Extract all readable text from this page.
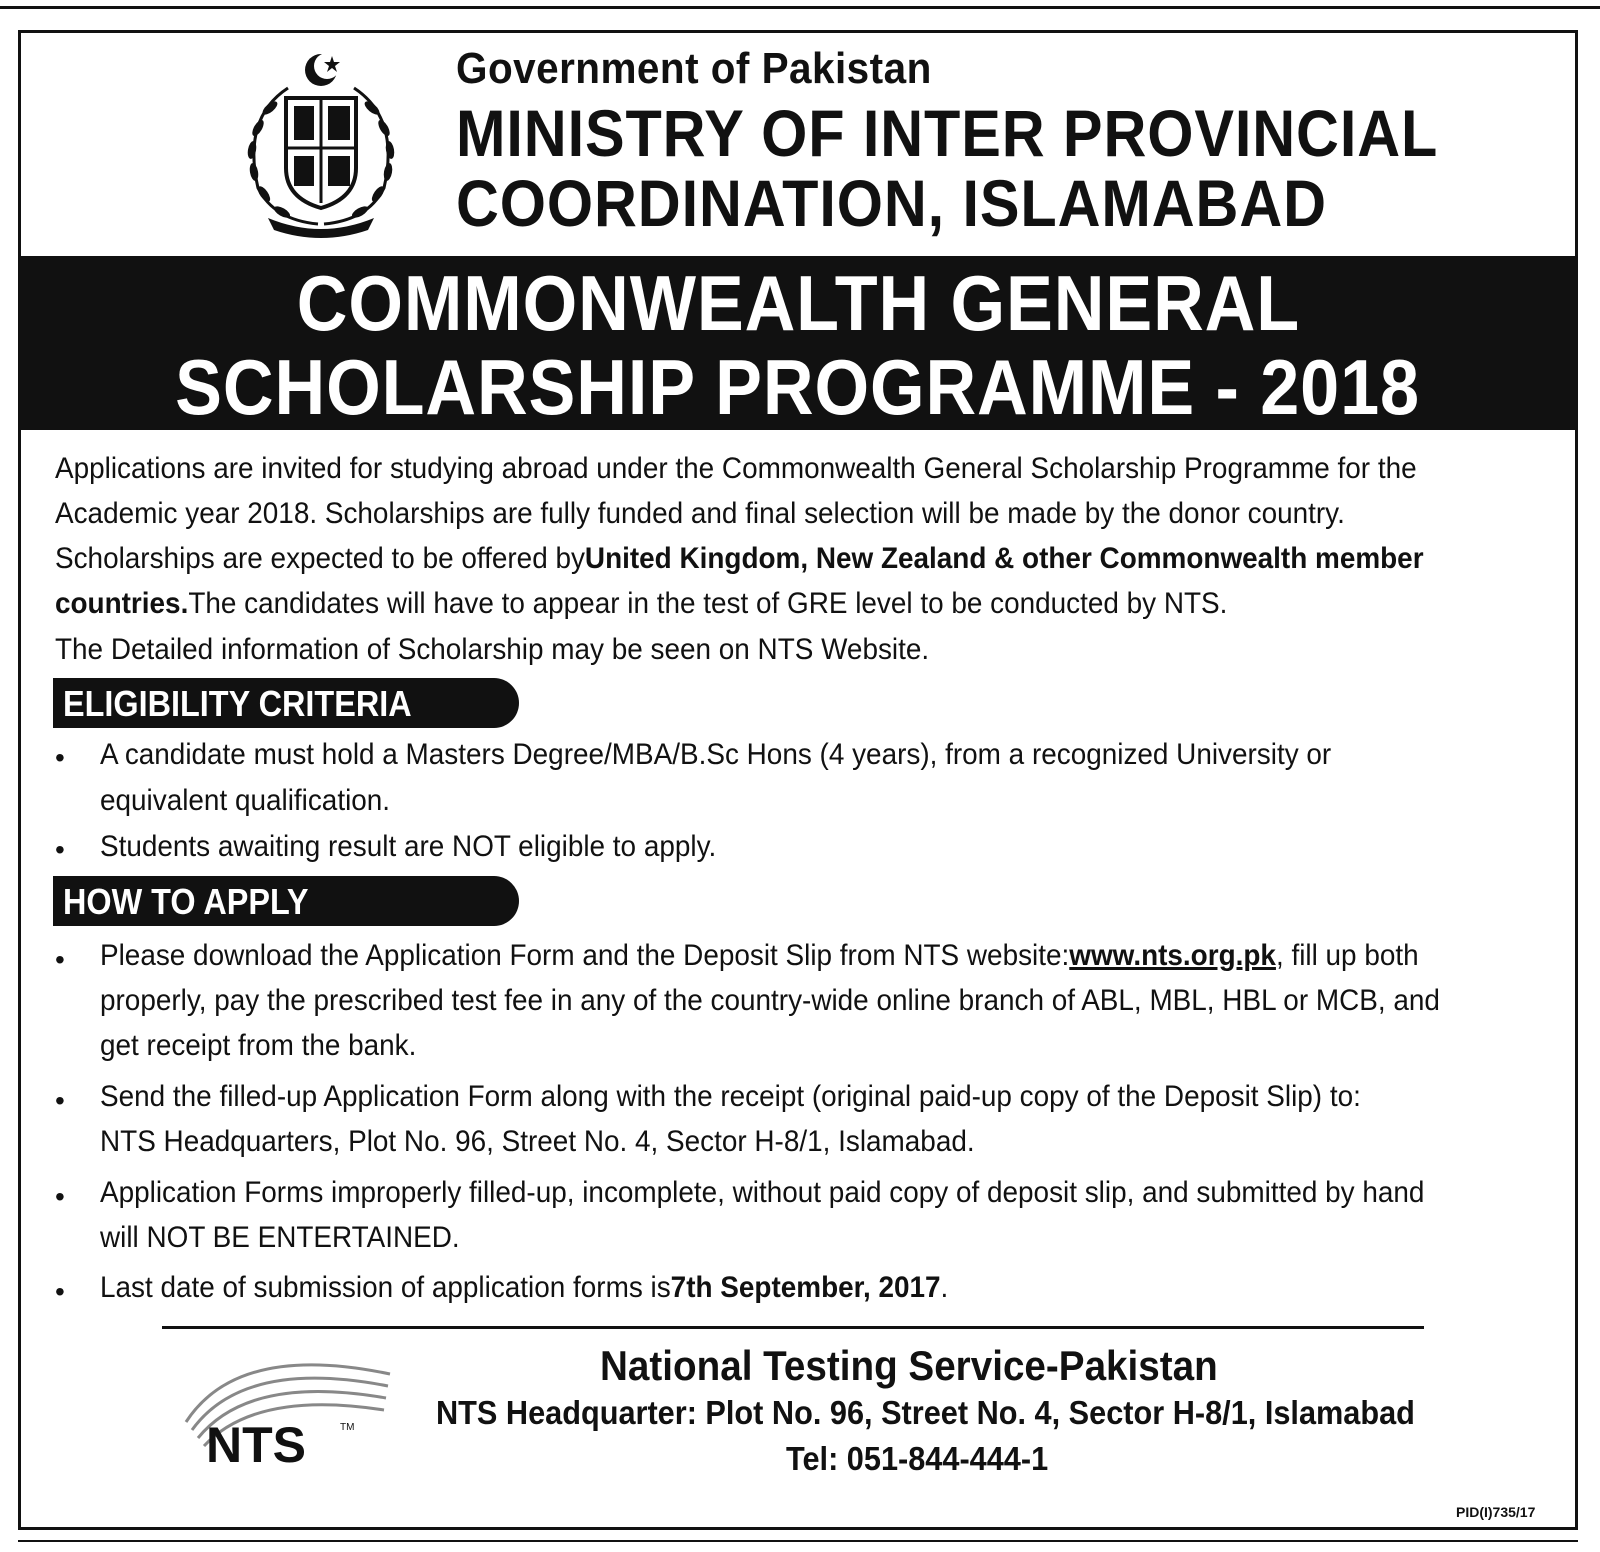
Government of Pakistan
MINISTRY OF INTER PROVINCIAL
COORDINATION, ISLAMABAD
COMMONWEALTH GENERAL
SCHOLARSHIP PROGRAMME - 2018
Applications are invited for studying abroad under the Commonwealth General Scholarship Programme for the
Academic year 2018. Scholarships are fully funded and final selection will be made by the donor country.
Scholarships are expected to be offered byUnited Kingdom, New Zealand & other Commonwealth member
countries.The candidates will have to appear in the test of GRE level to be conducted by NTS.
The Detailed information of Scholarship may be seen on NTS Website.
ELIGIBILITY CRITERIA
• A candidate must hold a Masters Degree/MBA/B.Sc Hons (4 years), from a recognized University or
equivalent qualification.
• Students awaiting result are NOT eligible to apply.
HOW TO APPLY
• Please download the Application Form and the Deposit Slip from NTS website:www.nts.org.pk, fill up both
properly, pay the prescribed test fee in any of the country-wide online branch of ABL, MBL, HBL or MCB, and
get receipt from the bank.
• Send the filled-up Application Form along with the receipt (original paid-up copy of the Deposit Slip) to:
NTS Headquarters, Plot No. 96, Street No. 4, Sector H-8/1, Islamabad.
• Application Forms improperly filled-up, incomplete, without paid copy of deposit slip, and submitted by hand
will NOT BE ENTERTAINED.
• Last date of submission of application forms is7th September, 2017.
NTS	TM
National Testing Service-Pakistan
NTS Headquarter: Plot No. 96, Street No. 4, Sector H-8/1, Islamabad
Tel: 051-844-444-1
PID(I)735/17
